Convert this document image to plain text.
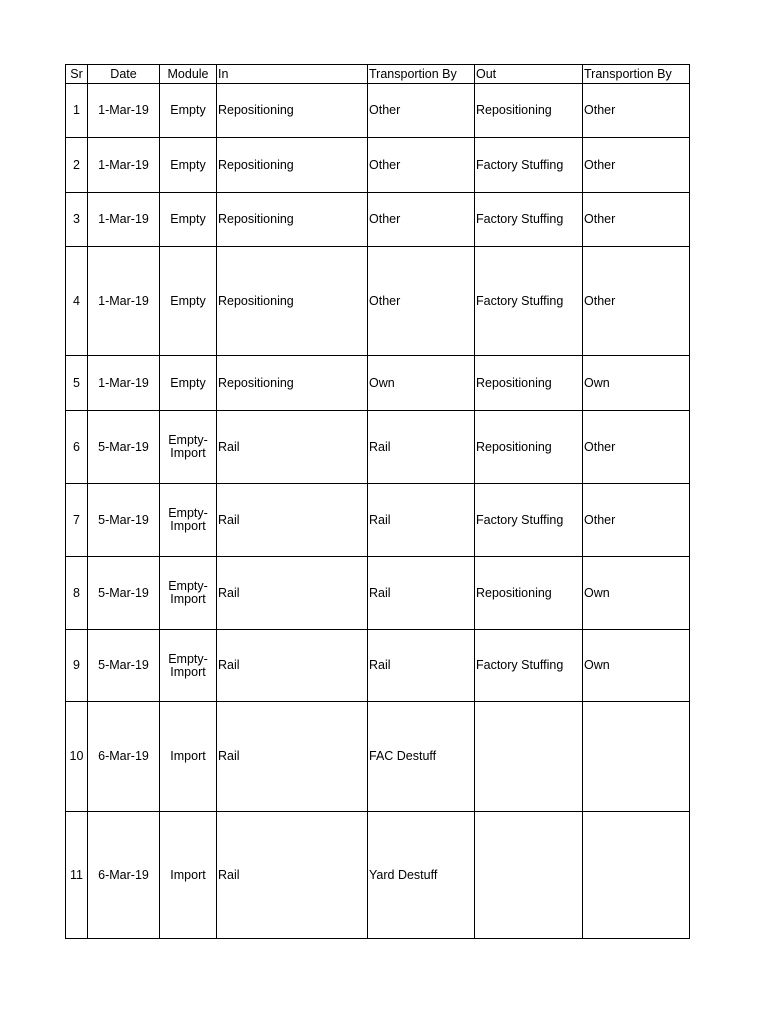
Sr	Date	Module	In	Transportion By	Out	Transportion By
1	1-Mar-19	Empty	Repositioning	Other	Repositioning	Other
2	1-Mar-19	Empty	Repositioning	Other	Factory Stuffing	Other
3	1-Mar-19	Empty	Repositioning	Other	Factory Stuffing	Other
4	1-Mar-19	Empty	Repositioning	Other	Factory Stuffing	Other
5	1-Mar-19	Empty	Repositioning	Own	Repositioning	Own
6	5-Mar-19	Empty-Import	Rail	Rail	Repositioning	Other
7	5-Mar-19	Empty-Import	Rail	Rail	Factory Stuffing	Other
8	5-Mar-19	Empty-Import	Rail	Rail	Repositioning	Own
9	5-Mar-19	Empty-Import	Rail	Rail	Factory Stuffing	Own
10	6-Mar-19	Import	Rail	FAC Destuff		
11	6-Mar-19	Import	Rail	Yard Destuff		
